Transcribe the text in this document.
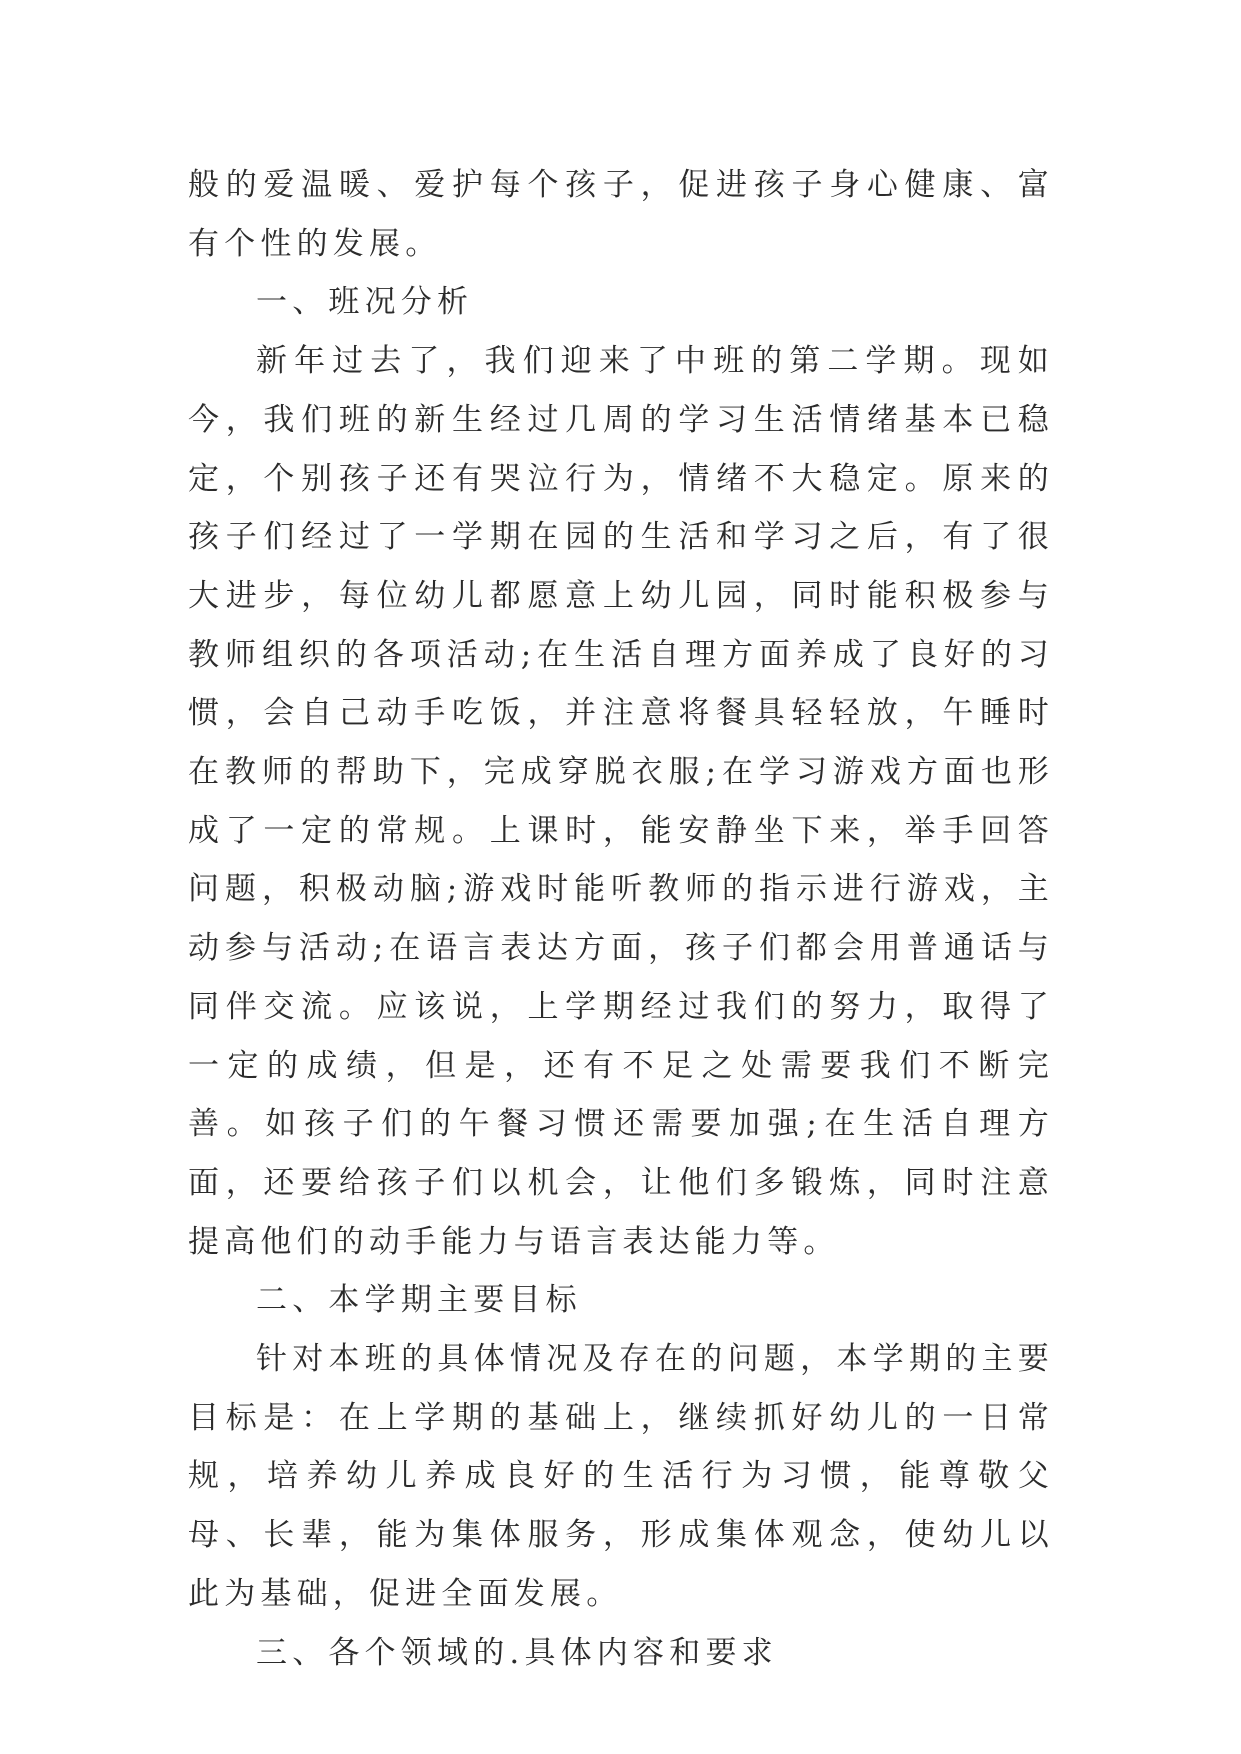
般的爱温暖、爱护每个孩子，促进孩子身心健康、富有个性的发展。

一、班况分析

新年过去了，我们迎来了中班的第二学期。现如今，我们班的新生经过几周的学习生活情绪基本已稳定，个别孩子还有哭泣行为，情绪不大稳定。原来的孩子们经过了一学期在园的生活和学习之后，有了很大进步，每位幼儿都愿意上幼儿园，同时能积极参与教师组织的各项活动;在生活自理方面养成了良好的习惯，会自己动手吃饭，并注意将餐具轻轻放，午睡时在教师的帮助下，完成穿脱衣服;在学习游戏方面也形成了一定的常规。上课时，能安静坐下来，举手回答问题，积极动脑;游戏时能听教师的指示进行游戏，主动参与活动;在语言表达方面，孩子们都会用普通话与同伴交流。应该说，上学期经过我们的努力，取得了一定的成绩，但是，还有不足之处需要我们不断完善。如孩子们的午餐习惯还需要加强;在生活自理方面，还要给孩子们以机会，让他们多锻炼，同时注意提高他们的动手能力与语言表达能力等。

二、本学期主要目标

针对本班的具体情况及存在的问题，本学期的主要目标是：在上学期的基础上，继续抓好幼儿的一日常规，培养幼儿养成良好的生活行为习惯，能尊敬父母、长辈，能为集体服务，形成集体观念，使幼儿以此为基础，促进全面发展。

三、各个领域的.具体内容和要求
